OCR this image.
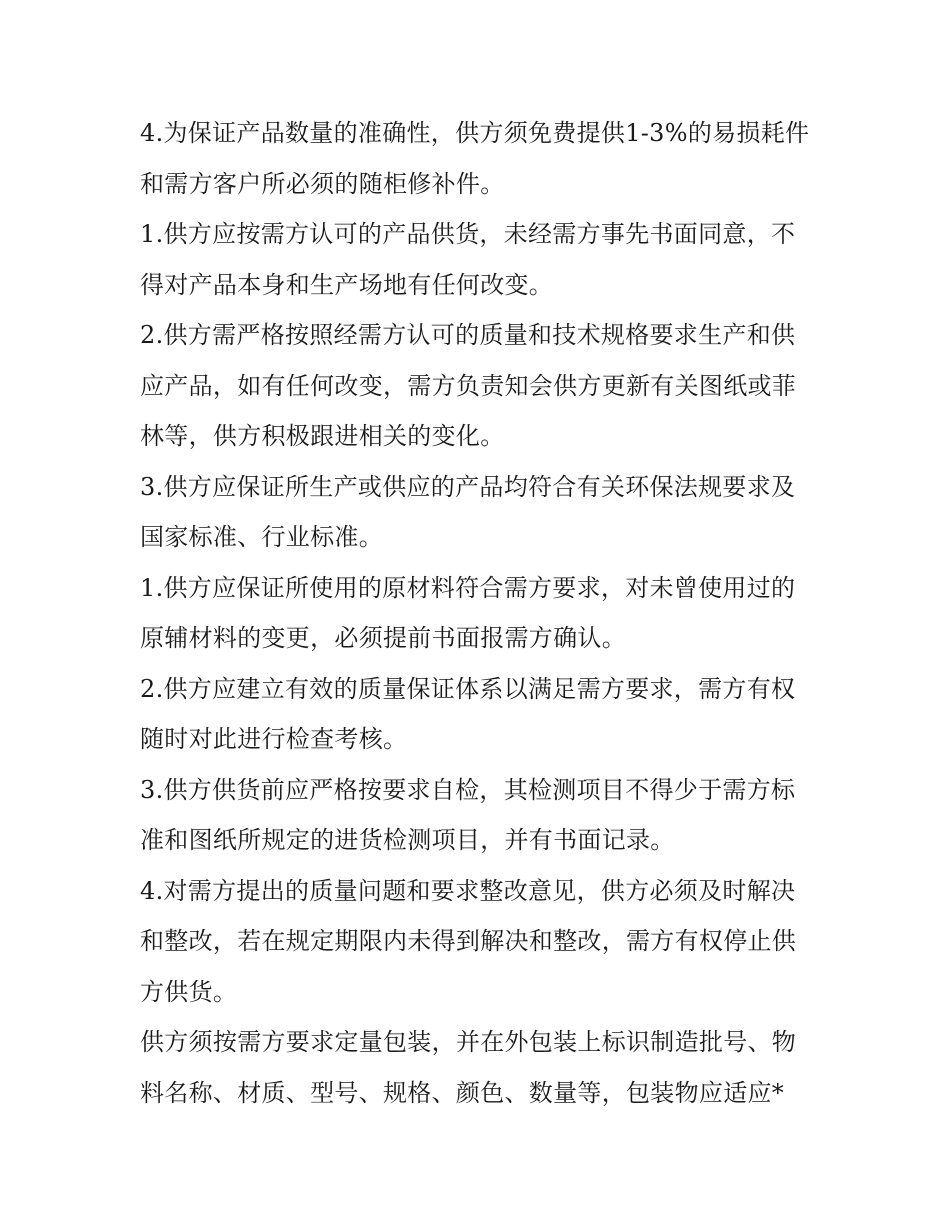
4.为保证产品数量的准确性，供方须免费提供1-3%的易损耗件
和需方客户所必须的随柜修补件。

1.供方应按需方认可的产品供货，未经需方事先书面同意，不
得对产品本身和生产场地有任何改变。

2.供方需严格按照经需方认可的质量和技术规格要求生产和供
应产品，如有任何改变，需方负责知会供方更新有关图纸或菲
林等，供方积极跟进相关的变化。

3.供方应保证所生产或供应的产品均符合有关环保法规要求及
国家标准、行业标准。

1.供方应保证所使用的原材料符合需方要求，对未曾使用过的
原辅材料的变更，必须提前书面报需方确认。

2.供方应建立有效的质量保证体系以满足需方要求，需方有权
随时对此进行检查考核。

3.供方供货前应严格按要求自检，其检测项目不得少于需方标
准和图纸所规定的进货检测项目，并有书面记录。

4.对需方提出的质量问题和要求整改意见，供方必须及时解决
和整改，若在规定期限内未得到解决和整改，需方有权停止供
方供货。

供方须按需方要求定量包装，并在外包装上标识制造批号、物
料名称、材质、型号、规格、颜色、数量等，包装物应适应*
